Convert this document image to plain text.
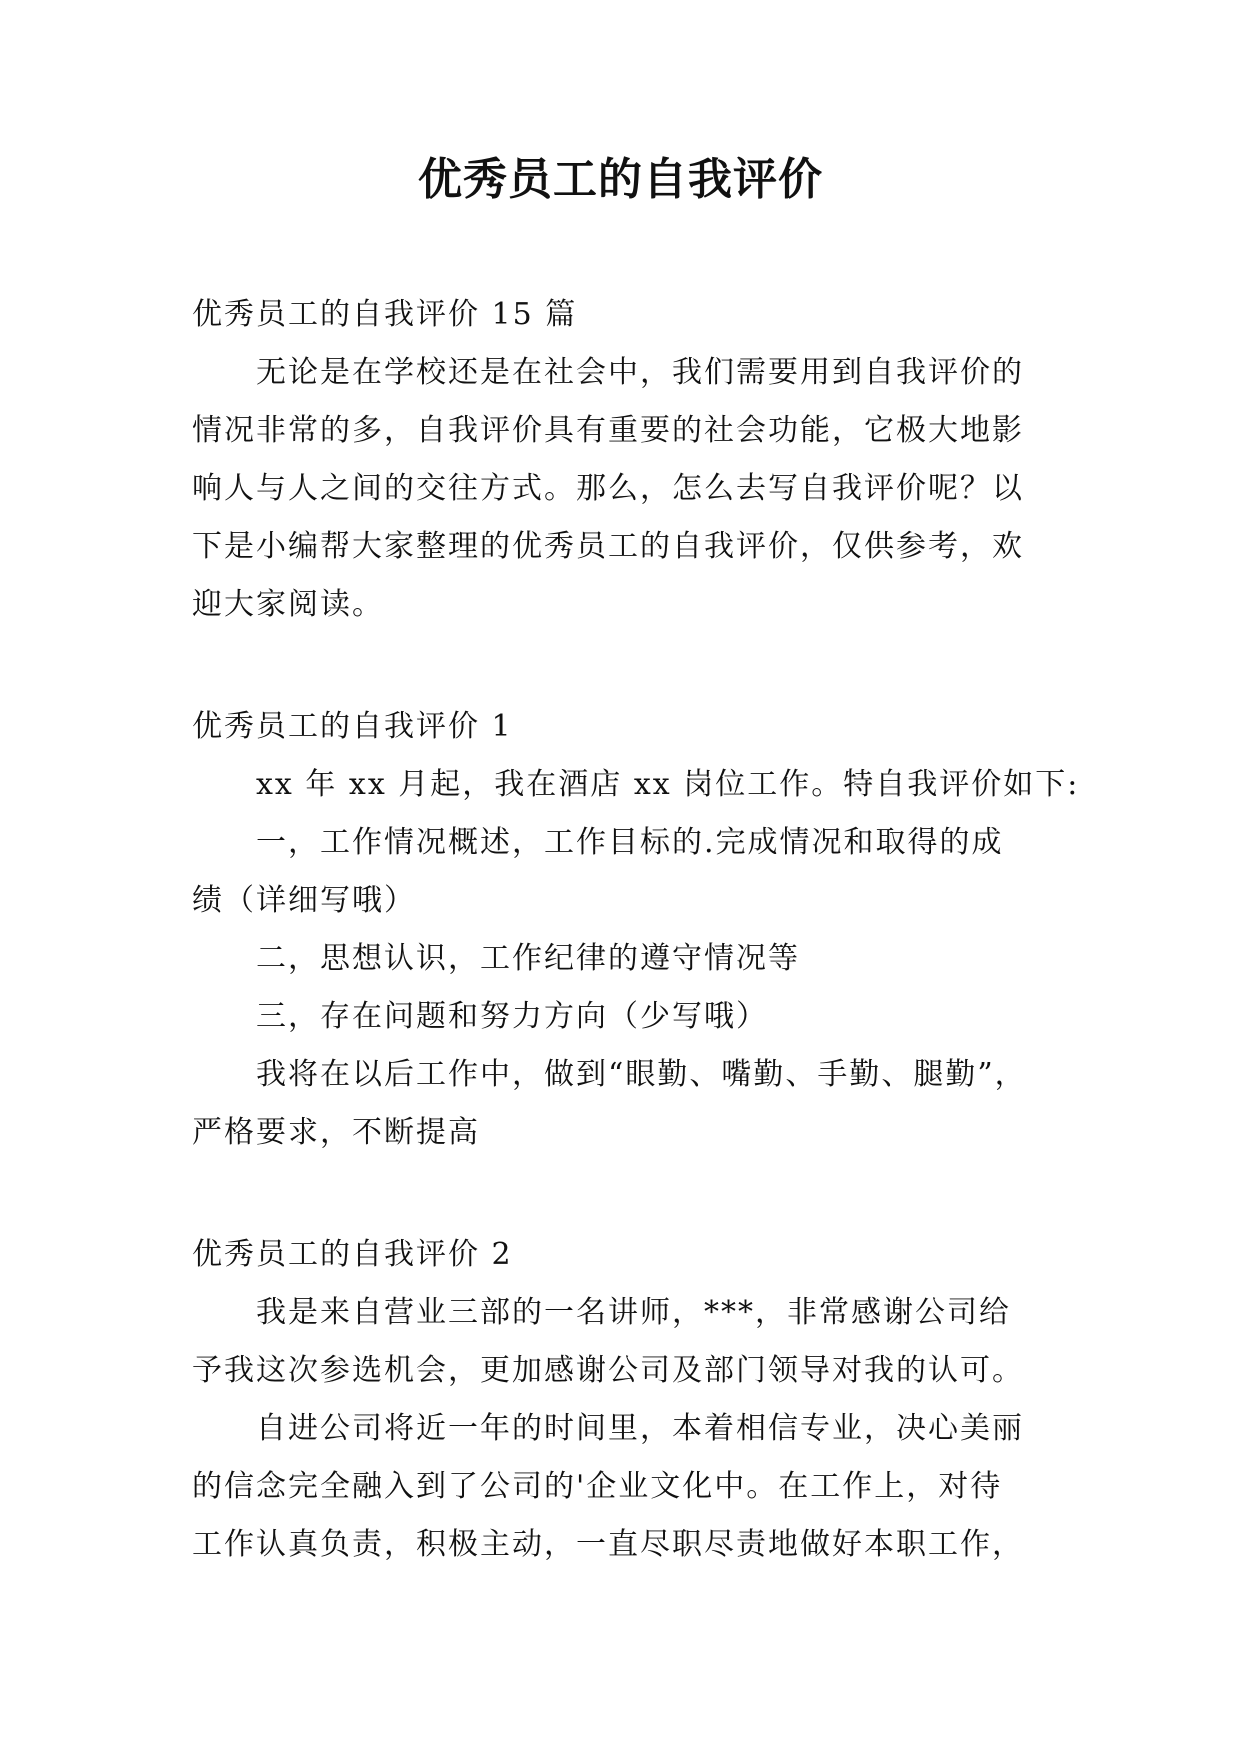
优秀员工的自我评价
优秀员工的自我评价 15 篇
无论是在学校还是在社会中，我们需要用到自我评价的
情况非常的多，自我评价具有重要的社会功能，它极大地影
响人与人之间的交往方式。那么，怎么去写自我评价呢？以
下是小编帮大家整理的优秀员工的自我评价，仅供参考，欢
迎大家阅读。
优秀员工的自我评价 1
xx 年 xx 月起，我在酒店 xx 岗位工作。特自我评价如下:
一，工作情况概述，工作目标的.完成情况和取得的成
绩（详细写哦）
二，思想认识，工作纪律的遵守情况等
三，存在问题和努力方向（少写哦）
我将在以后工作中，做到“眼勤、嘴勤、手勤、腿勤”，
严格要求，不断提高
优秀员工的自我评价 2
我是来自营业三部的一名讲师，***，非常感谢公司给
予我这次参选机会，更加感谢公司及部门领导对我的认可。
自进公司将近一年的时间里，本着相信专业，决心美丽
的信念完全融入到了公司的'企业文化中。在工作上，对待
工作认真负责，积极主动，一直尽职尽责地做好本职工作，
